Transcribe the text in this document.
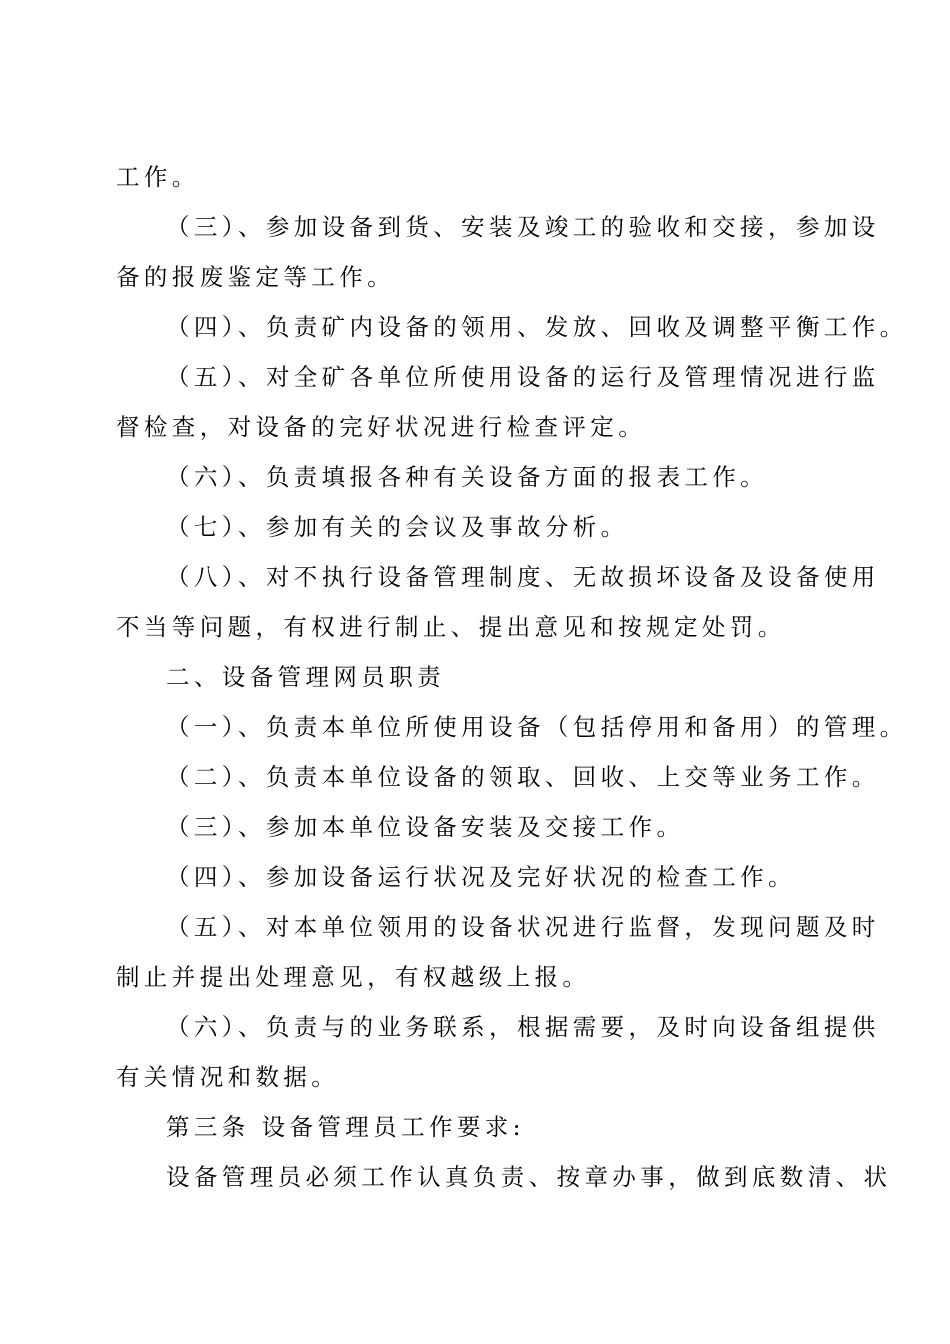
工作。
（三）、参加设备到货、安装及竣工的验收和交接，参加设
备的报废鉴定等工作。
（四）、负责矿内设备的领用、发放、回收及调整平衡工作。
（五）、对全矿各单位所使用设备的运行及管理情况进行监
督检查，对设备的完好状况进行检查评定。
（六）、负责填报各种有关设备方面的报表工作。
（七）、参加有关的会议及事故分析。
（八）、对不执行设备管理制度、无故损坏设备及设备使用
不当等问题，有权进行制止、提出意见和按规定处罚。
二、设备管理网员职责
（一）、负责本单位所使用设备（包括停用和备用）的管理。
（二）、负责本单位设备的领取、回收、上交等业务工作。
（三）、参加本单位设备安装及交接工作。
（四）、参加设备运行状况及完好状况的检查工作。
（五）、对本单位领用的设备状况进行监督，发现问题及时
制止并提出处理意见，有权越级上报。
（六）、负责与的业务联系，根据需要，及时向设备组提供
有关情况和数据。
第三条 设备管理员工作要求:
设备管理员必须工作认真负责、按章办事，做到底数清、状
